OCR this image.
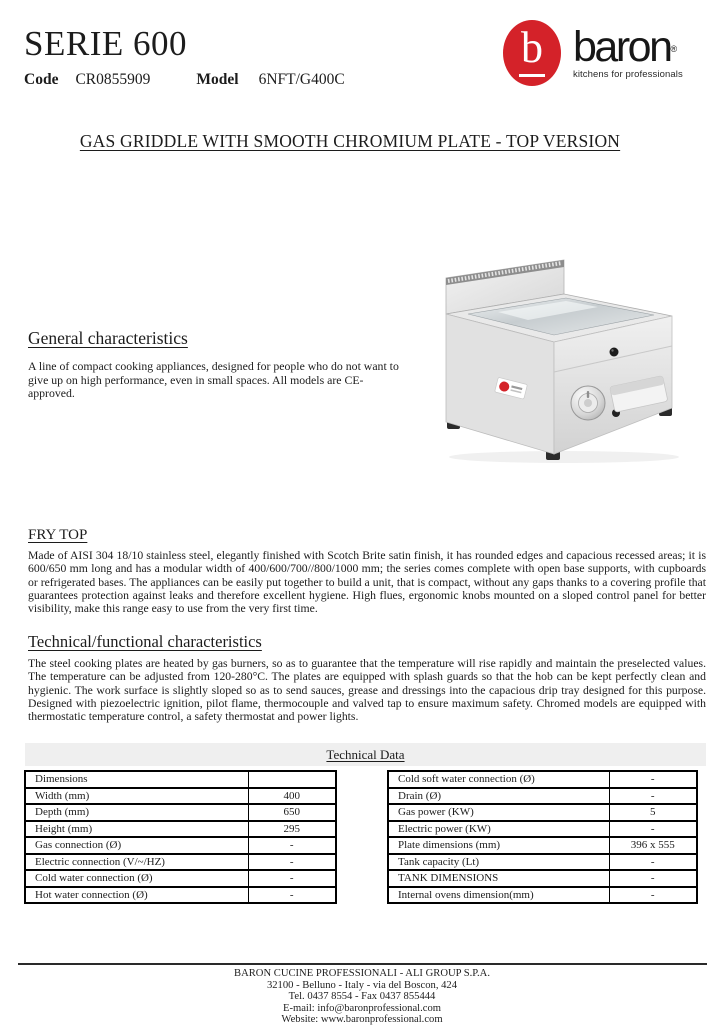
SERIE 600
Code CR0855909	Model 6NFT/G400C
b baron®
kitchens for professionals
GAS GRIDDLE WITH SMOOTH CHROMIUM PLATE - TOP VERSION
General characteristics

A line of compact cooking appliances, designed for people who do not want to give up on high performance, even in small spaces. All models are CE-approved.

FRY TOP

Made of AISI 304 18/10 stainless steel, elegantly finished with Scotch Brite satin finish, it has rounded edges and capacious recessed areas; it is 600/650 mm long and has a modular width of 400/600/700//800/1000 mm; the series comes complete with open base supports, with cupboards or refrigerated bases. The appliances can be easily put together to build a unit, that is compact, without any gaps thanks to a covering profile that guarantees protection against leaks and therefore excellent hygiene. High flues, ergonomic knobs mounted on a sloped control panel for better visibility, make this range easy to use from the very first time.

Technical/functional characteristics

The steel cooking plates are heated by gas burners, so as to guarantee that the temperature will rise rapidly and maintain the preselected values. The temperature can be adjusted from 120-280°C. The plates are equipped with splash guards so that the hob can be kept perfectly clean and hygienic. The work surface is slightly sloped so as to send sauces, grease and dressings into the capacious drip tray designed for this purpose. Designed with piezoelectric ignition, pilot flame, thermocouple and valved tap to ensure maximum safety. Chromed models are equipped with thermostatic temperature control, a safety thermostat and power lights.

Technical Data
Dimensions	
Width (mm)	400
Depth (mm)	650
Height (mm)	295
Gas connection (Ø)	-
Electric connection (V/~/HZ)	-
Cold water connection (Ø)	-
Hot water connection (Ø)	-
Cold soft water connection (Ø)	-
Drain (Ø)	-
Gas power (KW)	5
Electric power (KW)	-
Plate dimensions (mm)	396 x 555
Tank capacity (Lt)	-
TANK DIMENSIONS	-
Internal ovens dimension(mm)	-
BARON CUCINE PROFESSIONALI - ALI GROUP S.P.A.
32100 - Belluno - Italy - via del Boscon, 424
Tel. 0437 8554 - Fax 0437 855444
E-mail: info@baronprofessional.com
Website: www.baronprofessional.com
